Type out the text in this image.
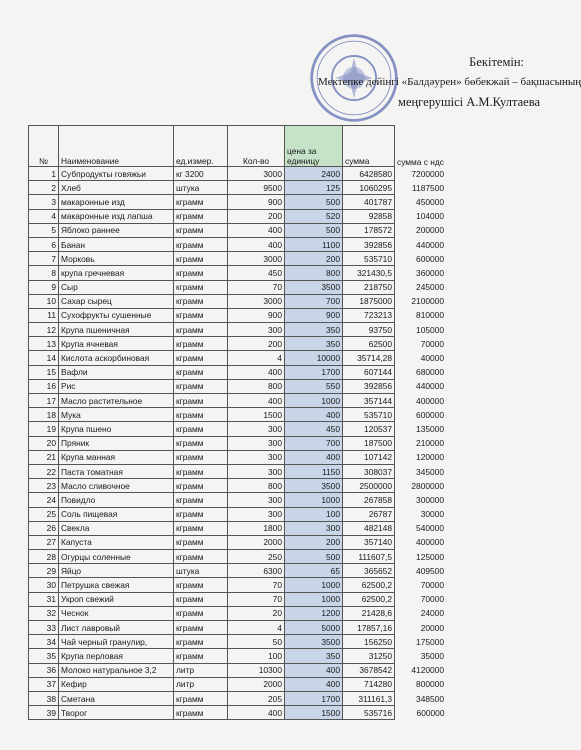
Бекітемін:
Мектепке дейінгі «Балдәурен» бөбекжай – бақшасының
меңгерушісі А.М.Култаева
№	Наименование	ед.измер.	Кол-во	цена за единицу	сумма	сумма с ндс
1	Субпродукты говяжьи	кг 3200	3000	2400	6428580	7200000
2	Хлеб	штука	9500	125	1060295	1187500
3	макаронные изд	кграмм	900	500	401787	450000
4	макаронные изд лапша	кграмм	200	520	92858	104000
5	Яблоко раннее	кграмм	400	500	178572	200000
6	Банан	кграмм	400	1100	392856	440000
7	Морковь	кграмм	3000	200	535710	600000
8	крупа гречневая	кграмм	450	800	321430,5	360000
9	Сыр	кграмм	70	3500	218750	245000
10	Сахар сырец	кграмм	3000	700	1875000	2100000
11	Сухофрукты сушенные	кграмм	900	900	723213	810000
12	Крупа пшеничная	кграмм	300	350	93750	105000
13	Крупа ячневая	кграмм	200	350	62500	70000
14	Кислота аскорбиновая	кграмм	4	10000	35714,28	40000
15	Вафли	кграмм	400	1700	607144	680000
16	Рис	кграмм	800	550	392856	440000
17	Масло растительное	кграмм	400	1000	357144	400000
18	Мука	кграмм	1500	400	535710	600000
19	Крупа пшено	кграмм	300	450	120537	135000
20	Пряник	кграмм	300	700	187500	210000
21	Крупа манная	кграмм	300	400	107142	120000
22	Паста томатная	кграмм	300	1150	308037	345000
23	Масло сливочное	кграмм	800	3500	2500000	2800000
24	Повидло	кграмм	300	1000	267858	300000
25	Соль пищевая	кграмм	300	100	26787	30000
26	Свекла	кграмм	1800	300	482148	540000
27	Капуста	кграмм	2000	200	357140	400000
28	Огурцы соленные	кграмм	250	500	111607,5	125000
29	Яйцо	штука	6300	65	365652	409500
30	Петрушка свежая	кграмм	70	1000	62500,2	70000
31	Укроп свежий	кграмм	70	1000	62500,2	70000
32	Чеснок	кграмм	20	1200	21428,6	24000
33	Лист лавровый	кграмм	4	5000	17857,16	20000
34	Чай черный гранулир,	кграмм	50	3500	156250	175000
35	Крупа перловая	кграмм	100	350	31250	35000
36	Молоко натуральное 3,2	литр	10300	400	3678542	4120000
37	Кефир	литр	2000	400	714280	800000
38	Сметана	кграмм	205	1700	311161,3	348500
39	Творог	кграмм	400	1500	535716	600000
